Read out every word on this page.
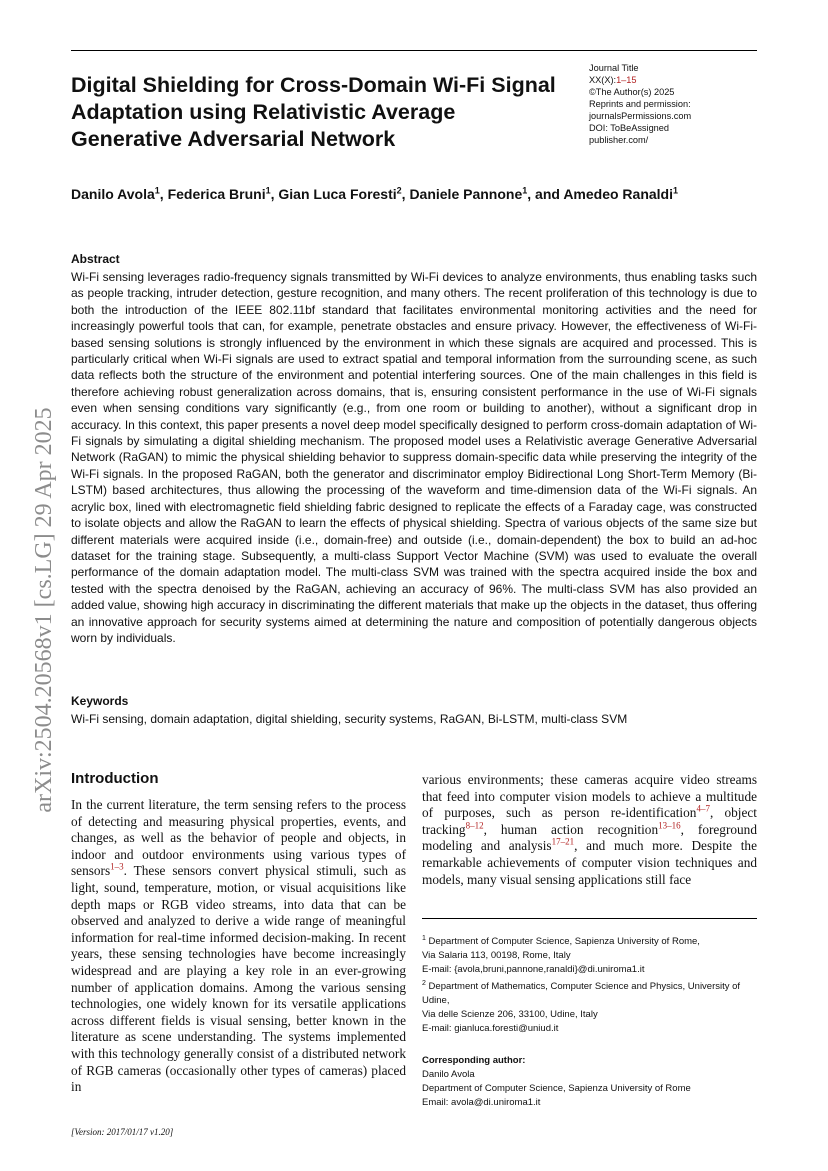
Digital Shielding for Cross-Domain Wi-Fi Signal Adaptation using Relativistic Average Generative Adversarial Network
Journal Title
XX(X):1–15
©The Author(s) 2025
Reprints and permission:
journalsPermissions.com
DOI: ToBeAssigned
publisher.com/
Danilo Avola$^1$, Federica Bruni$^1$, Gian Luca Foresti$^2$, Daniele Pannone$^1$, and Amedeo Ranaldi$^1$
Abstract

Wi-Fi sensing leverages radio-frequency signals transmitted by Wi-Fi devices to analyze environments, thus enabling tasks such as people tracking, intruder detection, gesture recognition, and many others. The recent proliferation of this technology is due to both the introduction of the IEEE 802.11bf standard that facilitates environmental monitoring activities and the need for increasingly powerful tools that can, for example, penetrate obstacles and ensure privacy. However, the effectiveness of Wi-Fi-based sensing solutions is strongly influenced by the environment in which these signals are acquired and processed. This is particularly critical when Wi-Fi signals are used to extract spatial and temporal information from the surrounding scene, as such data reflects both the structure of the environment and potential interfering sources. One of the main challenges in this field is therefore achieving robust generalization across domains, that is, ensuring consistent performance in the use of Wi-Fi signals even when sensing conditions vary significantly (e.g., from one room or building to another), without a significant drop in accuracy. In this context, this paper presents a novel deep model specifically designed to perform cross-domain adaptation of Wi-Fi signals by simulating a digital shielding mechanism. The proposed model uses a Relativistic average Generative Adversarial Network (RaGAN) to mimic the physical shielding behavior to suppress domain-specific data while preserving the integrity of the Wi-Fi signals. In the proposed RaGAN, both the generator and discriminator employ Bidirectional Long Short-Term Memory (Bi-LSTM) based architectures, thus allowing the processing of the waveform and time-dimension data of the Wi-Fi signals. An acrylic box, lined with electromagnetic field shielding fabric designed to replicate the effects of a Faraday cage, was constructed to isolate objects and allow the RaGAN to learn the effects of physical shielding. Spectra of various objects of the same size but different materials were acquired inside (i.e., domain-free) and outside (i.e., domain-dependent) the box to build an ad-hoc dataset for the training stage. Subsequently, a multi-class Support Vector Machine (SVM) was used to evaluate the overall performance of the domain adaptation model. The multi-class SVM was trained with the spectra acquired inside the box and tested with the spectra denoised by the RaGAN, achieving an accuracy of 96%. The multi-class SVM has also provided an added value, showing high accuracy in discriminating the different materials that make up the objects in the dataset, thus offering an innovative approach for security systems aimed at determining the nature and composition of potentially dangerous objects worn by individuals.

Keywords

Wi-Fi sensing, domain adaptation, digital shielding, security systems, RaGAN, Bi-LSTM, multi-class SVM

arXiv:2504.20568v1 [cs.LG] 29 Apr 2025 Introduction

In the current literature, the term sensing refers to the process of detecting and measuring physical properties, events, and changes, as well as the behavior of people and objects, in indoor and outdoor environments using various types of sensors$^{1-3}$. These sensors convert physical stimuli, such as light, sound, temperature, motion, or visual acquisitions like depth maps or RGB video streams, into data that can be observed and analyzed to derive a wide range of meaningful information for real-time informed decision-making. In recent years, these sensing technologies have become increasingly widespread and are playing a key role in an ever-growing number of application domains. Among the various sensing technologies, one widely known for its versatile applications across different fields is visual sensing, better known in the literature as scene understanding. The systems implemented with this technology generally consist of a distributed network of RGB cameras (occasionally other types of cameras) placed in

various environments; these cameras acquire video streams that feed into computer vision models to achieve a multitude of purposes, such as person re-identification$^{4-7}$, object tracking$^{8-12}$, human action recognition$^{13-16}$, foreground modeling and analysis$^{17-21}$, and much more. Despite the remarkable achievements of computer vision techniques and models, many visual sensing applications still face

$^1$ Department of Computer Science, Sapienza University of Rome,

Via Salaria 113, 00198, Rome, Italy

E-mail: {avola,bruni,pannone,ranaldi}@di.uniroma1.it

$^2$ Department of Mathematics, Computer Science and Physics, University of Udine,

Via delle Scienze 206, 33100, Udine, Italy

E-mail: gianluca.foresti@uniud.it

Corresponding author:

Danilo Avola

Department of Computer Science, Sapienza University of Rome

Email: avola@di.uniroma1.it

[Version: 2017/01/17 v1.20]
